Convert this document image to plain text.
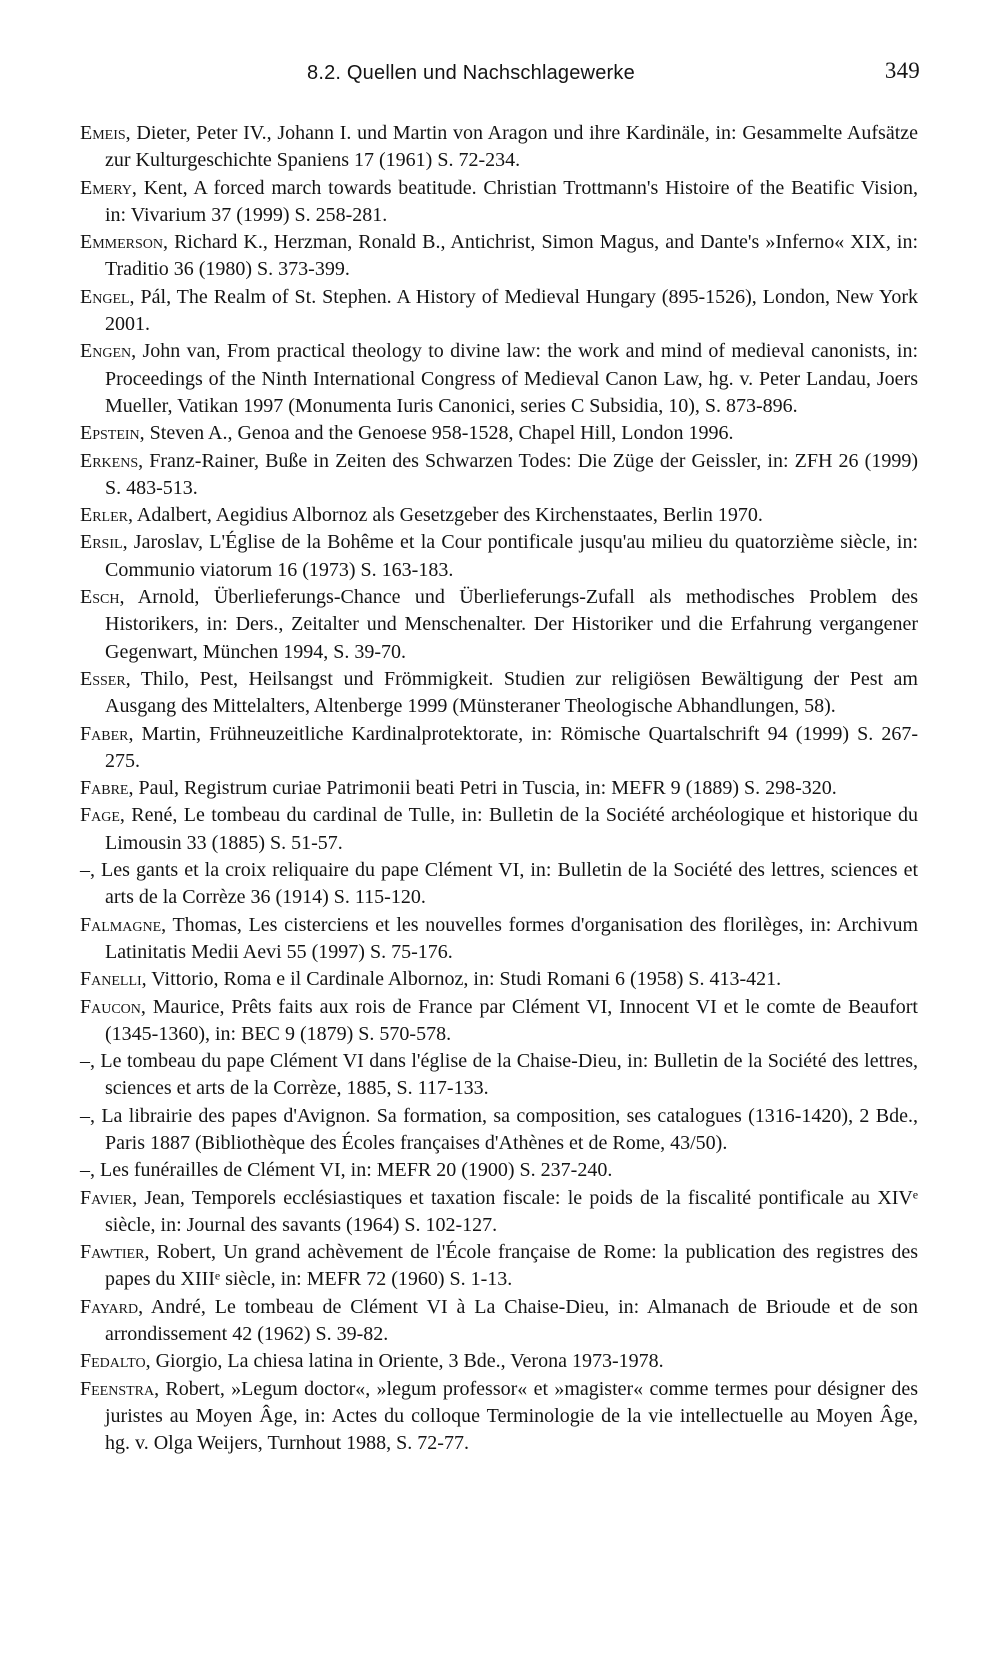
8.2. Quellen und Nachschlagewerke	349

Emeis, Dieter, Peter IV., Johann I. und Martin von Aragon und ihre Kardinäle, in: Gesammelte Aufsätze zur Kulturgeschichte Spaniens 17 (1961) S. 72-234.

Emery, Kent, A forced march towards beatitude. Christian Trottmann's Histoire of the Beatific Vision, in: Vivarium 37 (1999) S. 258-281.

Emmerson, Richard K., Herzman, Ronald B., Antichrist, Simon Magus, and Dante's »Inferno« XIX, in: Traditio 36 (1980) S. 373-399.

Engel, Pál, The Realm of St. Stephen. A History of Medieval Hungary (895-1526), London, New York 2001.

Engen, John van, From practical theology to divine law: the work and mind of medieval canonists, in: Proceedings of the Ninth International Congress of Medieval Canon Law, hg. v. Peter Landau, Joers Mueller, Vatikan 1997 (Monumenta Iuris Canonici, series C Subsidia, 10), S. 873-896.

Epstein, Steven A., Genoa and the Genoese 958-1528, Chapel Hill, London 1996.

Erkens, Franz-Rainer, Buße in Zeiten des Schwarzen Todes: Die Züge der Geissler, in: ZFH 26 (1999) S. 483-513.

Erler, Adalbert, Aegidius Albornoz als Gesetzgeber des Kirchenstaates, Berlin 1970.

Ersil, Jaroslav, L'Église de la Bohême et la Cour pontificale jusqu'au milieu du quatorzième siècle, in: Communio viatorum 16 (1973) S. 163-183.

Esch, Arnold, Überlieferungs-Chance und Überlieferungs-Zufall als methodisches Problem des Historikers, in: Ders., Zeitalter und Menschenalter. Der Historiker und die Erfahrung vergangener Gegenwart, München 1994, S. 39-70.

Esser, Thilo, Pest, Heilsangst und Frömmigkeit. Studien zur religiösen Bewältigung der Pest am Ausgang des Mittelalters, Altenberge 1999 (Münsteraner Theologische Abhandlungen, 58).

Faber, Martin, Frühneuzeitliche Kardinalprotektorate, in: Römische Quartalschrift 94 (1999) S. 267-275.

Fabre, Paul, Registrum curiae Patrimonii beati Petri in Tuscia, in: MEFR 9 (1889) S. 298-320.

Fage, René, Le tombeau du cardinal de Tulle, in: Bulletin de la Société archéologique et historique du Limousin 33 (1885) S. 51-57.

–, Les gants et la croix reliquaire du pape Clément VI, in: Bulletin de la Société des lettres, sciences et arts de la Corrèze 36 (1914) S. 115-120.

Falmagne, Thomas, Les cisterciens et les nouvelles formes d'organisation des florilèges, in: Archivum Latinitatis Medii Aevi 55 (1997) S. 75-176.

Fanelli, Vittorio, Roma e il Cardinale Albornoz, in: Studi Romani 6 (1958) S. 413-421.

Faucon, Maurice, Prêts faits aux rois de France par Clément VI, Innocent VI et le comte de Beaufort (1345-1360), in: BEC 9 (1879) S. 570-578.

–, Le tombeau du pape Clément VI dans l'église de la Chaise-Dieu, in: Bulletin de la Société des lettres, sciences et arts de la Corrèze, 1885, S. 117-133.

–, La librairie des papes d'Avignon. Sa formation, sa composition, ses catalogues (1316-1420), 2 Bde., Paris 1887 (Bibliothèque des Écoles françaises d'Athènes et de Rome, 43/50).

–, Les funérailles de Clément VI, in: MEFR 20 (1900) S. 237-240.

Favier, Jean, Temporels ecclésiastiques et taxation fiscale: le poids de la fiscalité pontificale au XIVᵉ siècle, in: Journal des savants (1964) S. 102-127.

Fawtier, Robert, Un grand achèvement de l'École française de Rome: la publication des registres des papes du XIIIᵉ siècle, in: MEFR 72 (1960) S. 1-13.

Fayard, André, Le tombeau de Clément VI à La Chaise-Dieu, in: Almanach de Brioude et de son arrondissement 42 (1962) S. 39-82.

Fedalto, Giorgio, La chiesa latina in Oriente, 3 Bde., Verona 1973-1978.

Feenstra, Robert, »Legum doctor«, »legum professor« et »magister« comme termes pour désigner des juristes au Moyen Âge, in: Actes du colloque Terminologie de la vie intellectuelle au Moyen Âge, hg. v. Olga Weijers, Turnhout 1988, S. 72-77.
